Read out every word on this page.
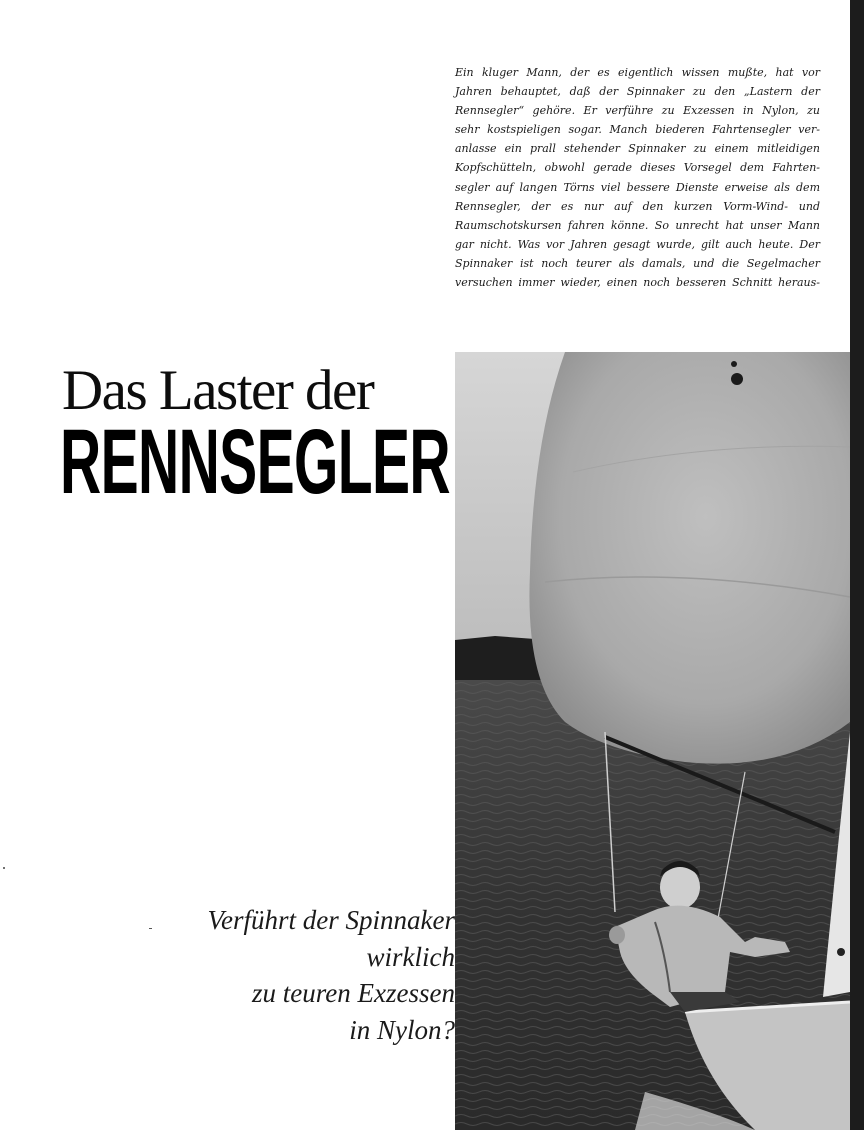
Ein kluger Mann, der es eigentlich wissen mußte, hat vor
Jahren behauptet, daß der Spinnaker zu den „Lastern der
Rennsegler“ gehöre. Er verführe zu Exzessen in Nylon, zu
sehr kostspieligen sogar. Manch biederen Fahrtensegler ver-
anlasse ein prall stehender Spinnaker zu einem mitleidigen
Kopfschütteln, obwohl gerade dieses Vorsegel dem Fahrten-
segler auf langen Törns viel bessere Dienste erweise als dem
Rennsegler, der es nur auf den kurzen Vorm-Wind- und
Raumschotskursen fahren könne. So unrecht hat unser Mann
gar nicht. Was vor Jahren gesagt wurde, gilt auch heute. Der
Spinnaker ist noch teurer als damals, und die Segelmacher
versuchen immer wieder, einen noch besseren Schnitt heraus-

Das Laster der
RENNSEGLER

Verführt der Spinnaker
wirklich
zu teuren Exzessen
in Nylon?
